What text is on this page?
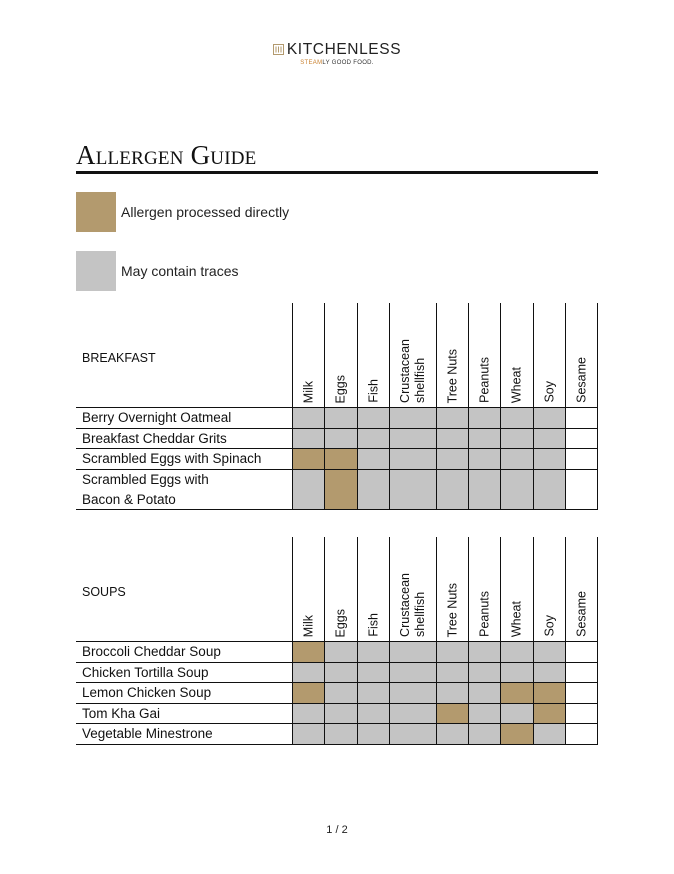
KITCHENLESS
STEAMLY GOOD FOOD.
Allergen Guide
Allergen processed directly
May contain traces
BREAKFAST
Milk Eggs Fish Crustacean
shellfish Tree Nuts Peanuts Wheat Soy Sesame
Berry Overnight Oatmeal
Breakfast Cheddar Grits
Scrambled Eggs with Spinach
Scrambled Eggs with
Bacon & Potato
SOUPS
Milk Eggs Fish Crustacean
shellfish Tree Nuts Peanuts Wheat Soy Sesame
Broccoli Cheddar Soup
Chicken Tortilla Soup
Lemon Chicken Soup
Tom Kha Gai
Vegetable Minestrone
1 / 2
